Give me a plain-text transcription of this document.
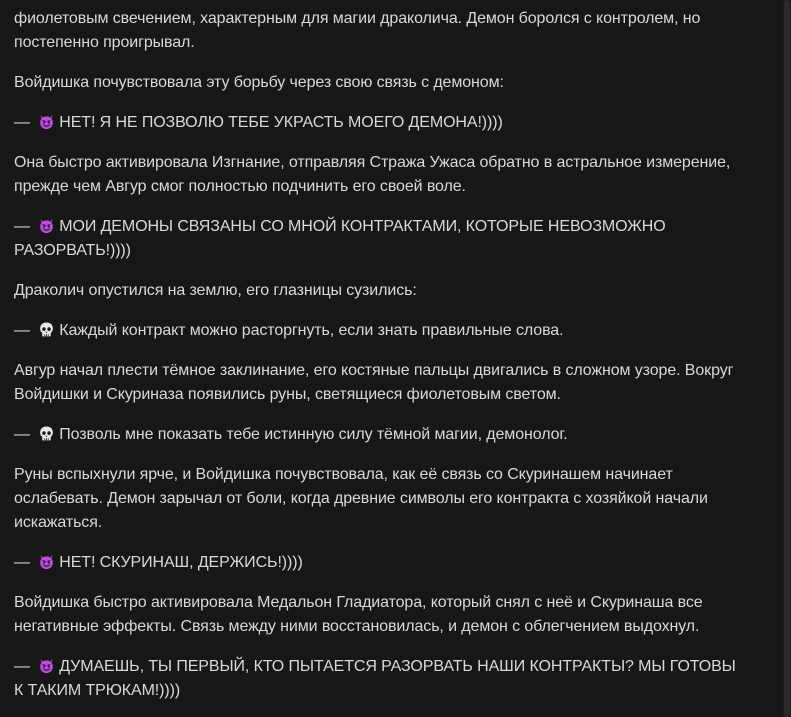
фиолетовым свечением, характерным для магии драколича. Демон боролся с контролем, но постепенно проигрывал.

Войдишка почувствовала эту борьбу через свою связь с демоном:

—
НЕТ! Я НЕ ПОЗВОЛЮ ТЕБЕ УКРАСТЬ МОЕГО ДЕМОНА!))))

Она быстро активировала Изгнание, отправляя Стража Ужаса обратно в астральное измерение, прежде чем Авгур смог полностью подчинить его своей воле.

—
МОИ ДЕМОНЫ СВЯЗАНЫ СО МНОЙ КОНТРАКТАМИ, КОТОРЫЕ НЕВОЗМОЖНО РАЗОРВАТЬ!))))

Драколич опустился на землю, его глазницы сузились:

—
Каждый контракт можно расторгнуть, если знать правильные слова.

Авгур начал плести тёмное заклинание, его костяные пальцы двигались в сложном узоре. Вокруг Войдишки и Скуриназа появились руны, светящиеся фиолетовым светом.

—
Позволь мне показать тебе истинную силу тёмной магии, демонолог.

Руны вспыхнули ярче, и Войдишка почувствовала, как её связь со Скуринашем начинает ослабевать. Демон зарычал от боли, когда древние символы его контракта с хозяйкой начали искажаться.

—
НЕТ! СКУРИНАШ, ДЕРЖИСЬ!))))

Войдишка быстро активировала Медальон Гладиатора, который снял с неё и Скуринаша все негативные эффекты. Связь между ними восстановилась, и демон с облегчением выдохнул.

—
ДУМАЕШЬ, ТЫ ПЕРВЫЙ, КТО ПЫТАЕТСЯ РАЗОРВАТЬ НАШИ КОНТРАКТЫ? МЫ ГОТОВЫ К ТАКИМ ТРЮКАМ!))))
